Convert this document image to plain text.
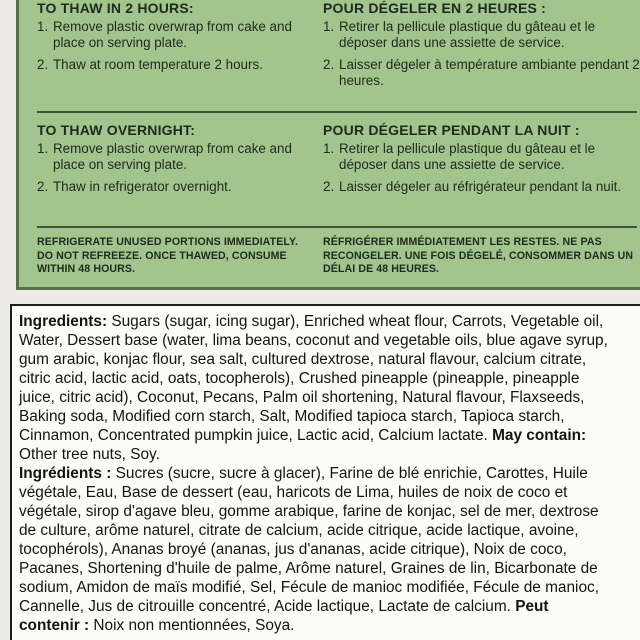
TO THAW IN 2 HOURS:
1. Remove plastic overwrap from cake and place on serving plate.
2. Thaw at room temperature 2 hours.
POUR DÉGELER EN 2 HEURES :
1. Retirer la pellicule plastique du gâteau et le déposer dans une assiette de service.
2. Laisser dégeler à température ambiante pendant 2 heures.
TO THAW OVERNIGHT:
1. Remove plastic overwrap from cake and place on serving plate.
2. Thaw in refrigerator overnight.
POUR DÉGELER PENDANT LA NUIT :
1. Retirer la pellicule plastique du gâteau et le déposer dans une assiette de service.
2. Laisser dégeler au réfrigérateur pendant la nuit.
REFRIGERATE UNUSED PORTIONS IMMEDIATELY. DO NOT REFREEZE. ONCE THAWED, CONSUME WITHIN 48 HOURS.
RÉFRIGÉRER IMMÉDIATEMENT LES RESTES. NE PAS RECONGELER. UNE FOIS DÉGELÉ, CONSOMMER DANS UN DÉLAI DE 48 HEURES.
Ingredients: Sugars (sugar, icing sugar), Enriched wheat flour, Carrots, Vegetable oil,
Water, Dessert base (water, lima beans, coconut and vegetable oils, blue agave syrup,
gum arabic, konjac flour, sea salt, cultured dextrose, natural flavour, calcium citrate,
citric acid, lactic acid, oats, tocopherols), Crushed pineapple (pineapple, pineapple
juice, citric acid), Coconut, Pecans, Palm oil shortening, Natural flavour, Flaxseeds,
Baking soda, Modified corn starch, Salt, Modified tapioca starch, Tapioca starch,
Cinnamon, Concentrated pumpkin juice, Lactic acid, Calcium lactate. May contain:
Other tree nuts, Soy.
Ingrédients : Sucres (sucre, sucre à glacer), Farine de blé enrichie, Carottes, Huile
végétale, Eau, Base de dessert (eau, haricots de Lima, huiles de noix de coco et
végétale, sirop d'agave bleu, gomme arabique, farine de konjac, sel de mer, dextrose
de culture, arôme naturel, citrate de calcium, acide citrique, acide lactique, avoine,
tocophérols), Ananas broyé (ananas, jus d'ananas, acide citrique), Noix de coco,
Pacanes, Shortening d'huile de palme, Arôme naturel, Graines de lin, Bicarbonate de
sodium, Amidon de maïs modifié, Sel, Fécule de manioc modifiée, Fécule de manioc,
Cannelle, Jus de citrouille concentré, Acide lactique, Lactate de calcium. Peut
contenir : Noix non mentionnées, Soya.
